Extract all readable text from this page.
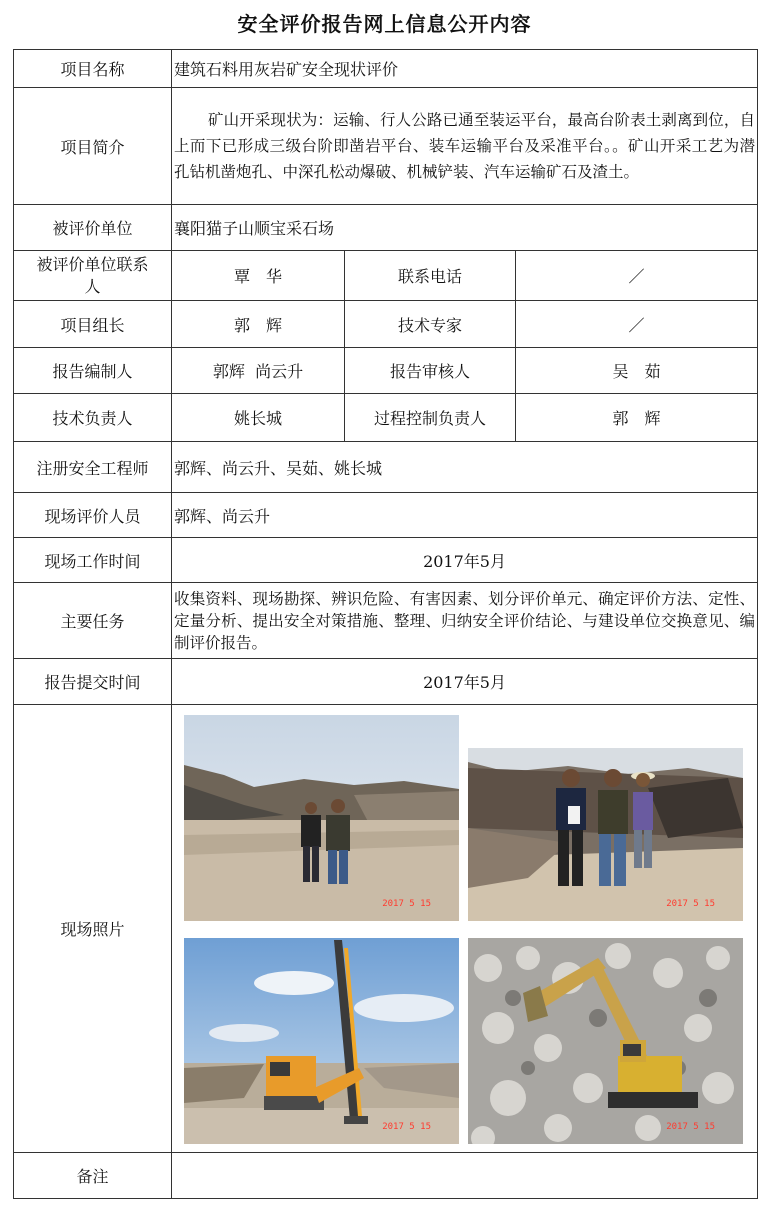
安全评价报告网上信息公开内容
项目名称	建筑石料用灰岩矿安全现状评价		
项目简介	矿山开采现状为：运输、行人公路已通至装运平台，最高台阶表土剥离到位，自上而下已形成三级台阶即凿岩平台、装车运输平台及采准平台。。矿山开采工艺为潜孔钻机凿炮孔、中深孔松动爆破、机械铲装、汽车运输矿石及渣土。		
被评价单位	襄阳猫子山顺宝采石场		
被评价单位联系人	覃　华	联系电话	／
项目组长	郭　辉	技术专家	／
报告编制人	郭辉  尚云升	报告审核人	吴　茹
技术负责人	姚长城	过程控制负责人	郭　辉
注册安全工程师	郭辉、尚云升、吴茹、姚长城		
现场评价人员	郭辉、尚云升		
现场工作时间	2017年5月		
主要任务	收集资料、现场勘探、辨识危险、有害因素、划分评价单元、确定评价方法、定性、定量分析、提出安全对策措施、整理、归纳安全评价结论、与建设单位交换意见、编制评价报告。		
报告提交时间	2017年5月		
现场照片	2017 5 15 2017 5 15
2017 5 15 2017 5 15		

备注			
